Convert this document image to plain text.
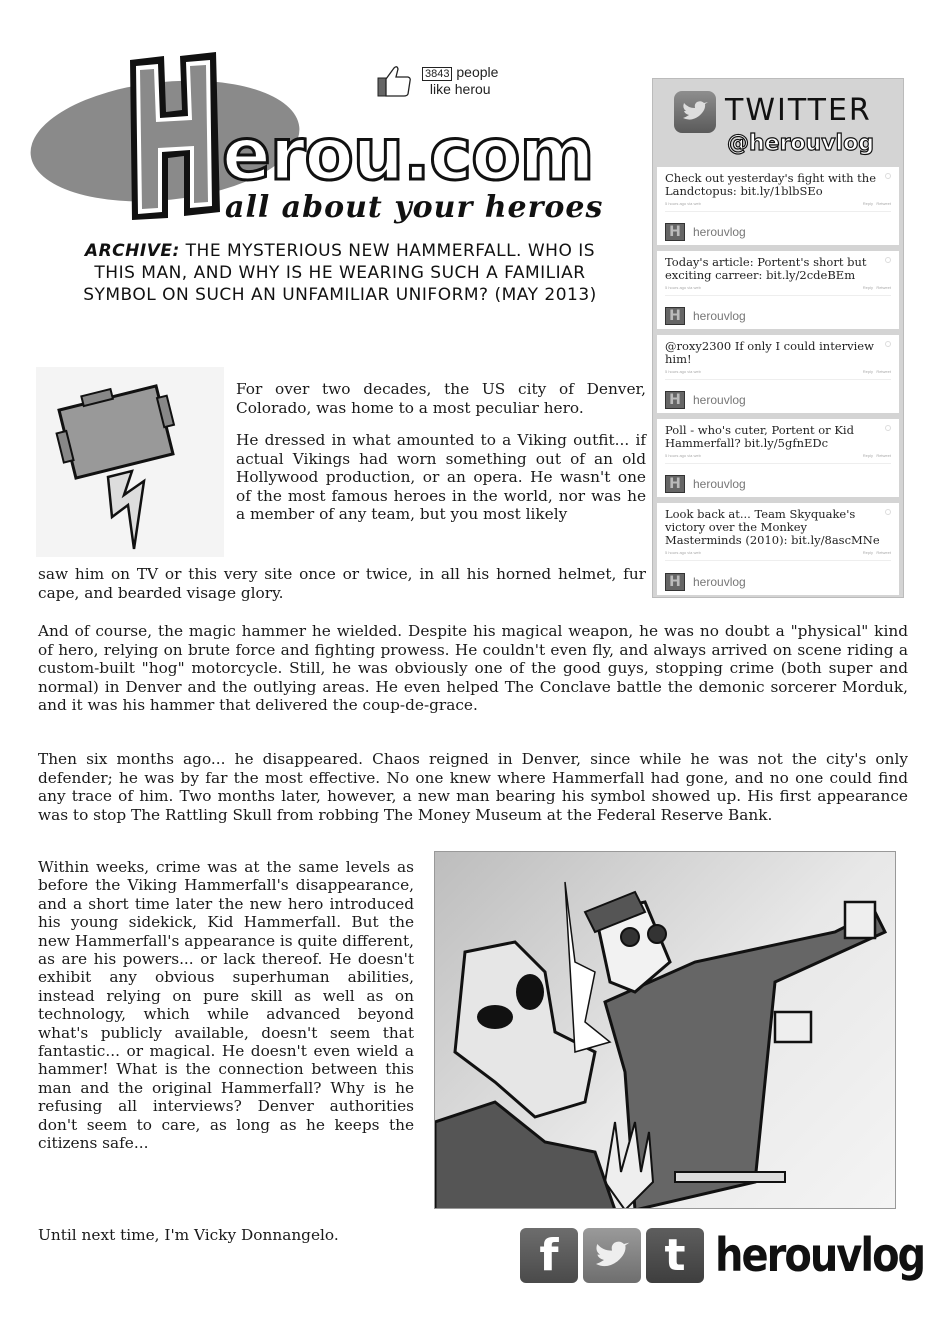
erou.com
all about your heroes
3843 people
like herou
ARCHIVE: THE MYSTERIOUS NEW HAMMERFALL. WHO IS THIS MAN, AND WHY IS HE WEARING SUCH A FAMILIAR SYMBOL ON SUCH AN UNFAMILIAR UNIFORM? (MAY 2013)
TWITTER
@herouvlog
Check out yesterday's fight with the Landctopus: bit.ly/1blbSEo
5 hours ago via web	Reply Retweet
H	herouvlog
Today's article: Portent's short but exciting carreer: bit.ly/2cdeBEm
5 hours ago via web	Reply Retweet
H	herouvlog
@roxy2300 If only I could interview him!
5 hours ago via web	Reply Retweet
H	herouvlog
Poll - who's cuter, Portent or Kid Hammerfall? bit.ly/5gfnEDc
5 hours ago via web	Reply Retweet
H	herouvlog
Look back at... Team Skyquake's victory over the Monkey Masterminds (2010): bit.ly/8ascMNe
5 hours ago via web	Reply Retweet
H	herouvlog

For over two decades, the US city of Denver, Colorado, was home to a most peculiar hero.

He dressed in what amounted to a Viking outfit... if actual Vikings had worn something out of an old Hollywood production, or an opera. He wasn't one of the most famous heroes in the world, nor was he a member of any team, but you most likely

saw him on TV or this very site once or twice, in all his horned helmet, fur cape, and bearded visage glory.
And of course, the magic hammer he wielded. Despite his magical weapon, he was no doubt a "physical" kind of hero, relying on brute force and fighting prowess. He couldn't even fly, and always arrived on scene riding a custom-built "hog" motorcycle. Still, he was obviously one of the good guys, stopping crime (both super and normal) in Denver and the outlying areas. He even helped The Conclave battle the demonic sorcerer Morduk, and it was his hammer that delivered the coup-de-grace.
Then six months ago... he disappeared. Chaos reigned in Denver, since while he was not the city's only defender; he was by far the most effective. No one knew where Hammerfall had gone, and no one could find any trace of him. Two months later, however, a new man bearing his symbol showed up. His first appearance was to stop The Rattling Skull from robbing The Money Museum at the Federal Reserve Bank.
Within weeks, crime was at the same levels as before the Viking Hammerfall's disappearance, and a short time later the new hero introduced his young sidekick, Kid Hammerfall. But the new Hammerfall's appearance is quite different, as are his powers... or lack thereof. He doesn't exhibit any obvious superhuman abilities, instead relying on pure skill as well as on technology, which while advanced beyond what's publicly available, doesn't seem that fantastic... or magical. He doesn't even wield a hammer! What is the connection between this man and the original Hammerfall? Why is he refusing all interviews? Denver authorities don't seem to care, as long as he keeps the citizens safe...
Until next time, I'm Vicky Donnangelo.	f	t herouvlog
